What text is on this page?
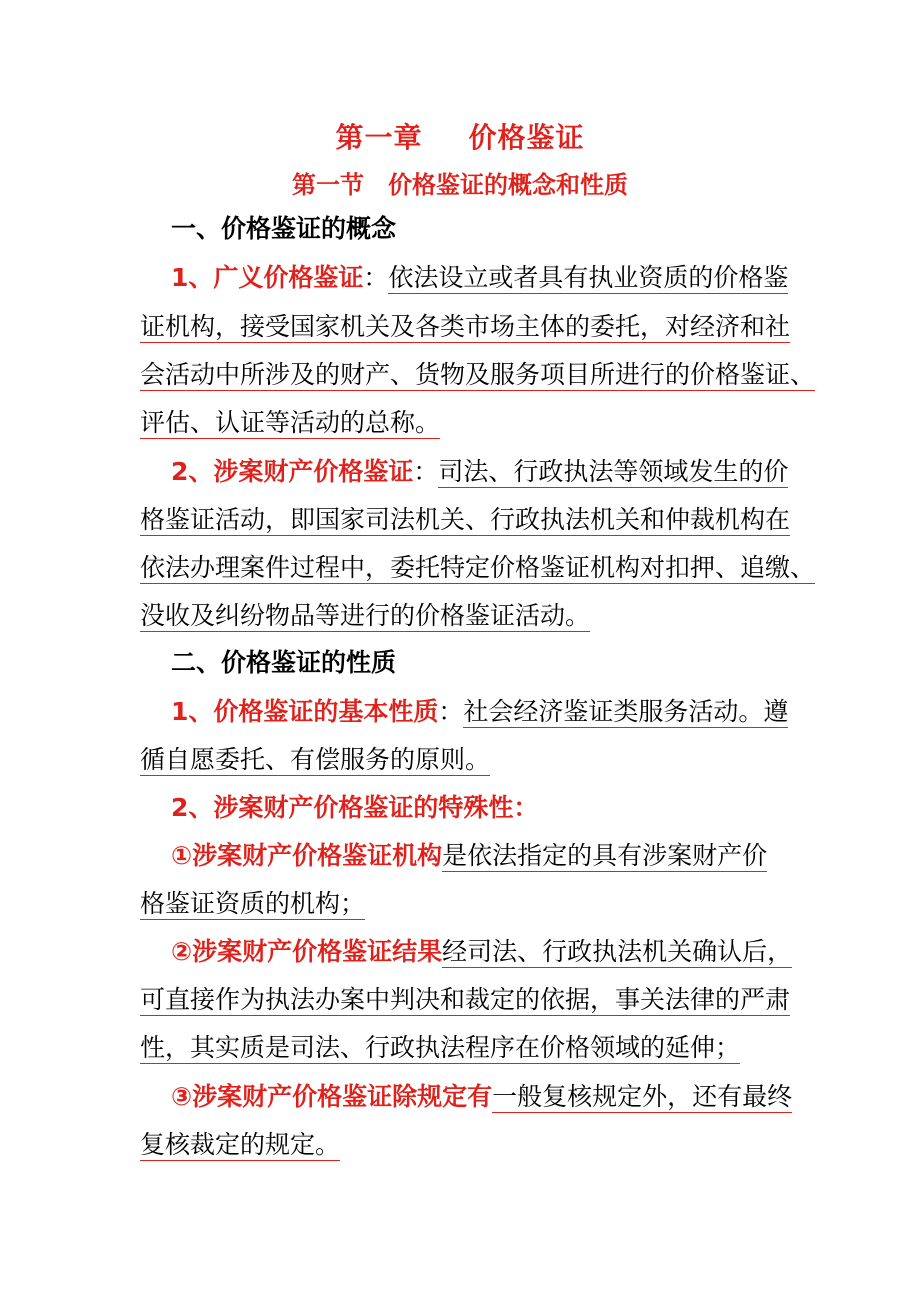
第一章 价格鉴证
第一节 价格鉴证的概念和性质
一、价格鉴证的概念
1、广义价格鉴证：依法设立或者具有执业资质的价格鉴
证机构，接受国家机关及各类市场主体的委托，对经济和社
会活动中所涉及的财产、货物及服务项目所进行的价格鉴证、
评估、认证等活动的总称。
2、涉案财产价格鉴证：司法、行政执法等领域发生的价
格鉴证活动，即国家司法机关、行政执法机关和仲裁机构在
依法办理案件过程中，委托特定价格鉴证机构对扣押、追缴、
没收及纠纷物品等进行的价格鉴证活动。
二、价格鉴证的性质
1、价格鉴证的基本性质：社会经济鉴证类服务活动。遵
循自愿委托、有偿服务的原则。
2、涉案财产价格鉴证的特殊性：
①涉案财产价格鉴证机构是依法指定的具有涉案财产价
格鉴证资质的机构；
②涉案财产价格鉴证结果经司法、行政执法机关确认后，
可直接作为执法办案中判决和裁定的依据，事关法律的严肃
性，其实质是司法、行政执法程序在价格领域的延伸；
③涉案财产价格鉴证除规定有一般复核规定外，还有最终
复核裁定的规定。
